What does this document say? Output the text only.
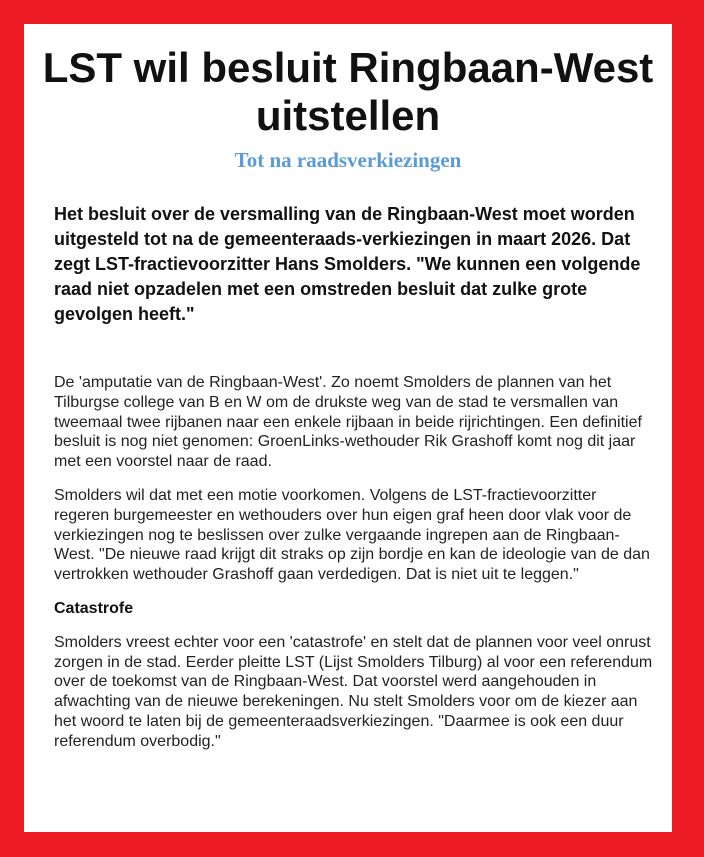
LST wil besluit Ringbaan-West uitstellen
Tot na raadsverkiezingen

Het besluit over de versmalling van de Ringbaan-West moet worden uitgesteld tot na de gemeenteraads-verkiezingen in maart 2026. Dat zegt LST-fractievoorzitter Hans Smolders. "We kunnen een volgende raad niet opzadelen met een omstreden besluit dat zulke grote gevolgen heeft."

De 'amputatie van de Ringbaan-West'. Zo noemt Smolders de plannen van het Tilburgse college van B en W om de drukste weg van de stad te versmallen van tweemaal twee rijbanen naar een enkele rijbaan in beide rijrichtingen. Een definitief besluit is nog niet genomen: GroenLinks-wethouder Rik Grashoff komt nog dit jaar met een voorstel naar de raad.

Smolders wil dat met een motie voorkomen. Volgens de LST-fractievoorzitter regeren burgemeester en wethouders over hun eigen graf heen door vlak voor de verkiezingen nog te beslissen over zulke vergaande ingrepen aan de Ringbaan-West. "De nieuwe raad krijgt dit straks op zijn bordje en kan de ideologie van de dan vertrokken wethouder Grashoff gaan verdedigen. Dat is niet uit te leggen."

Catastrofe

Smolders vreest echter voor een 'catastrofe' en stelt dat de plannen voor veel onrust zorgen in de stad. Eerder pleitte LST (Lijst Smolders Tilburg) al voor een referendum over de toekomst van de Ringbaan-West. Dat voorstel werd aangehouden in afwachting van de nieuwe berekeningen. Nu stelt Smolders voor om de kiezer aan het woord te laten bij de gemeenteraadsverkiezingen. "Daarmee is ook een duur referendum overbodig."
